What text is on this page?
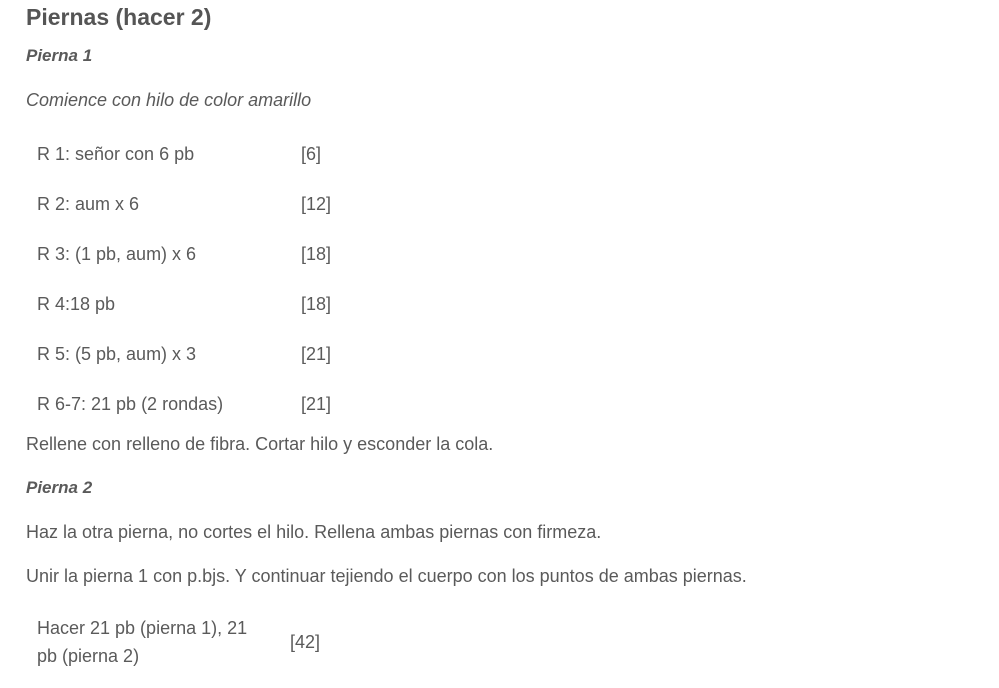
Piernas (hacer 2)
Pierna 1
Comience con hilo de color amarillo
R 1: señor con 6 pb	[6]
R 2: aum x 6	[12]
R 3: (1 pb, aum) x 6	[18]
R 4:18 pb	[18]
R 5: (5 pb, aum) x 3	[21]
R 6-7: 21 pb (2 rondas)	[21]
Rellene con relleno de fibra. Cortar hilo y esconder la cola.
Pierna 2
Haz la otra pierna, no cortes el hilo. Rellena ambas piernas con firmeza.
Unir la pierna 1 con p.bjs. Y continuar tejiendo el cuerpo con los puntos de ambas piernas.
Hacer 21 pb (pierna 1), 21 pb (pierna 2)	[42]
